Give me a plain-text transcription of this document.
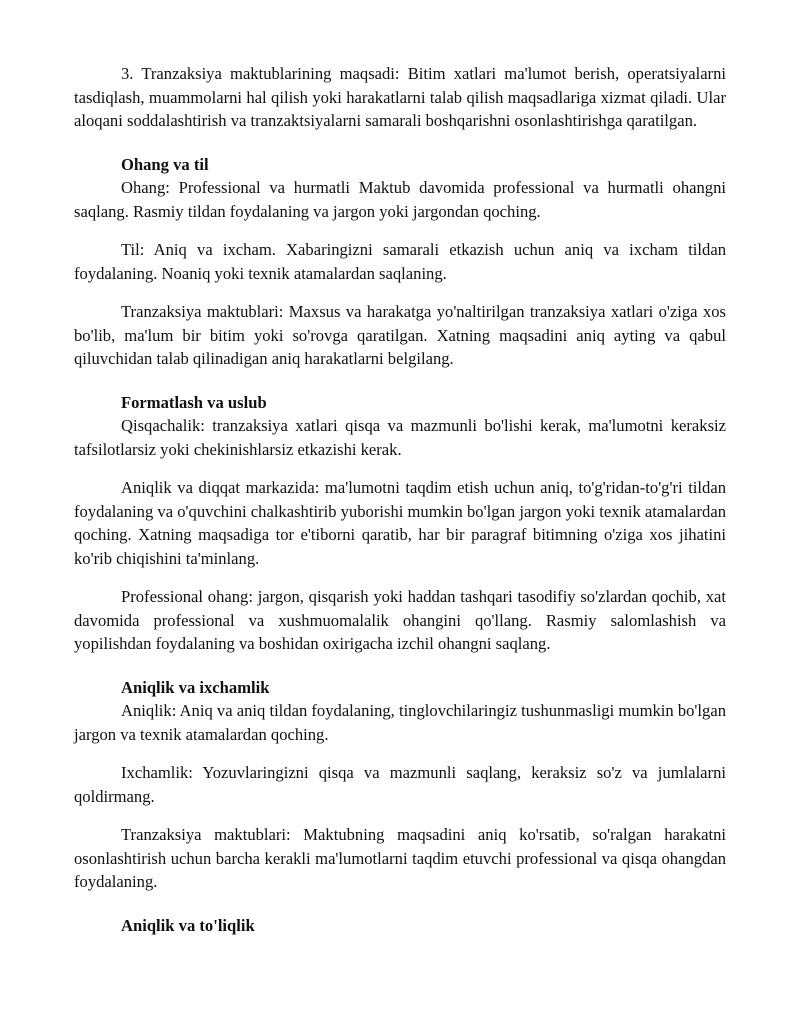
3. Tranzaksiya maktublarining maqsadi: Bitim xatlari ma'lumot berish, operatsiyalarni tasdiqlash, muammolarni hal qilish yoki harakatlarni talab qilish maqsadlariga xizmat qiladi. Ular aloqani soddalashtirish va tranzaktsiyalarni samarali boshqarishni osonlashtirishga qaratilgan.

Ohang va til

Ohang: Professional va hurmatli Maktub davomida professional va hurmatli ohangni saqlang. Rasmiy tildan foydalaning va jargon yoki jargondan qoching.

Til: Aniq va ixcham. Xabaringizni samarali etkazish uchun aniq va ixcham tildan foydalaning. Noaniq yoki texnik atamalardan saqlaning.

Tranzaksiya maktublari: Maxsus va harakatga yo'naltirilgan tranzaksiya xatlari o'ziga xos bo'lib, ma'lum bir bitim yoki so'rovga qaratilgan. Xatning maqsadini aniq ayting va qabul qiluvchidan talab qilinadigan aniq harakatlarni belgilang.

Formatlash va uslub

Qisqachalik: tranzaksiya xatlari qisqa va mazmunli bo'lishi kerak, ma'lumotni keraksiz tafsilotlarsiz yoki chekinishlarsiz etkazishi kerak.

Aniqlik va diqqat markazida: ma'lumotni taqdim etish uchun aniq, to'g'ridan-to'g'ri tildan foydalaning va o'quvchini chalkashtirib yuborishi mumkin bo'lgan jargon yoki texnik atamalardan qoching. Xatning maqsadiga tor e'tiborni qaratib, har bir paragraf bitimning o'ziga xos jihatini ko'rib chiqishini ta'minlang.

Professional ohang: jargon, qisqarish yoki haddan tashqari tasodifiy so'zlardan qochib, xat davomida professional va xushmuomalalik ohangini qo'llang. Rasmiy salomlashish va yopilishdan foydalaning va boshidan oxirigacha izchil ohangni saqlang.

Aniqlik va ixchamlik

Aniqlik: Aniq va aniq tildan foydalaning, tinglovchilaringiz tushunmasligi mumkin bo'lgan jargon va texnik atamalardan qoching.

Ixchamlik: Yozuvlaringizni qisqa va mazmunli saqlang, keraksiz so'z va jumlalarni qoldirmang.

Tranzaksiya maktublari: Maktubning maqsadini aniq ko'rsatib, so'ralgan harakatni osonlashtirish uchun barcha kerakli ma'lumotlarni taqdim etuvchi professional va qisqa ohangdan foydalaning.

Aniqlik va to'liqlik
